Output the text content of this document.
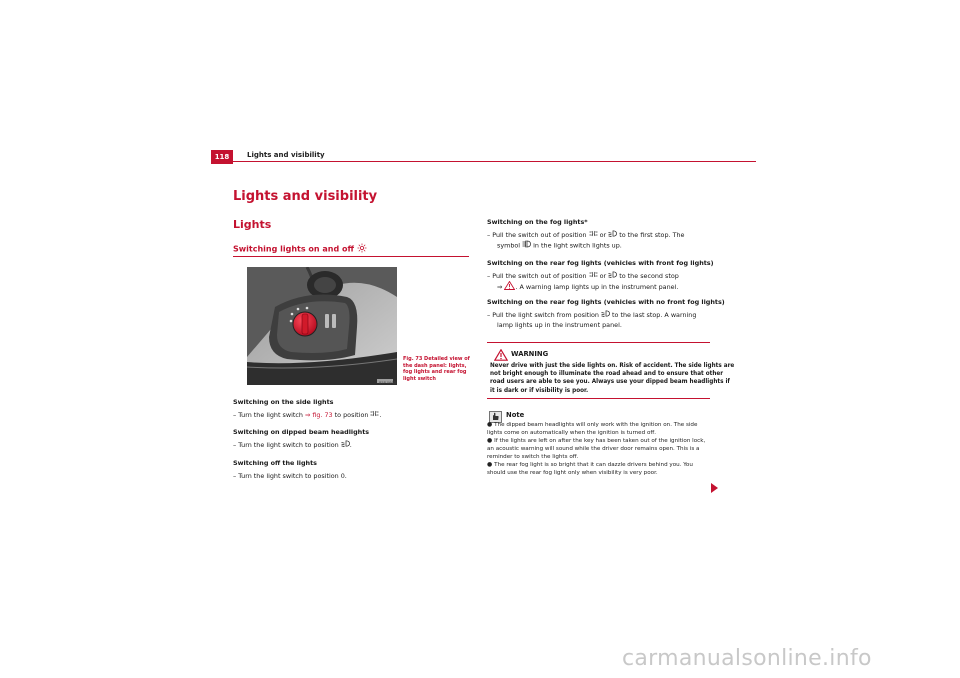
118	Lights and visibility
Lights and visibility
Lights
Switching lights on and off
B5P-0663
Fig. 73 Detailed view of the dash panel: lights, fog lights and rear fog light switch
Switching on the side lights
– Turn the light switch ⇒ fig. 73 to position .
Switching on dipped beam headlights
– Turn the light switch to position .
Switching off the lights
– Turn the light switch to position 0.
Switching on the fog lights*
– Pull the switch out of position  or  to the first stop. The
symbol  in the light switch lights up.
Switching on the rear fog lights (vehicles with front fog lights)
– Pull the switch out of position  or  to the second stop
⇒ . A warning lamp lights up in the instrument panel.
Switching on the rear fog lights (vehicles with no front fog lights)
– Pull the light switch from position  to the last stop. A warning
lamp lights up in the instrument panel.
WARNING
Never drive with just the side lights on. Risk of accident. The side lights are
not bright enough to illuminate the road ahead and to ensure that other
road users are able to see you. Always use your dipped beam headlights if
it is dark or if visibility is poor.
Note
● The dipped beam headlights will only work with the ignition on. The side
lights come on automatically when the ignition is turned off.
● If the lights are left on after the key has been taken out of the ignition lock,
an acoustic warning will sound while the driver door remains open. This is a
reminder to switch the lights off.
● The rear fog light is so bright that it can dazzle drivers behind you. You
should use the rear fog light only when visibility is very poor.
carmanualsonline.info
